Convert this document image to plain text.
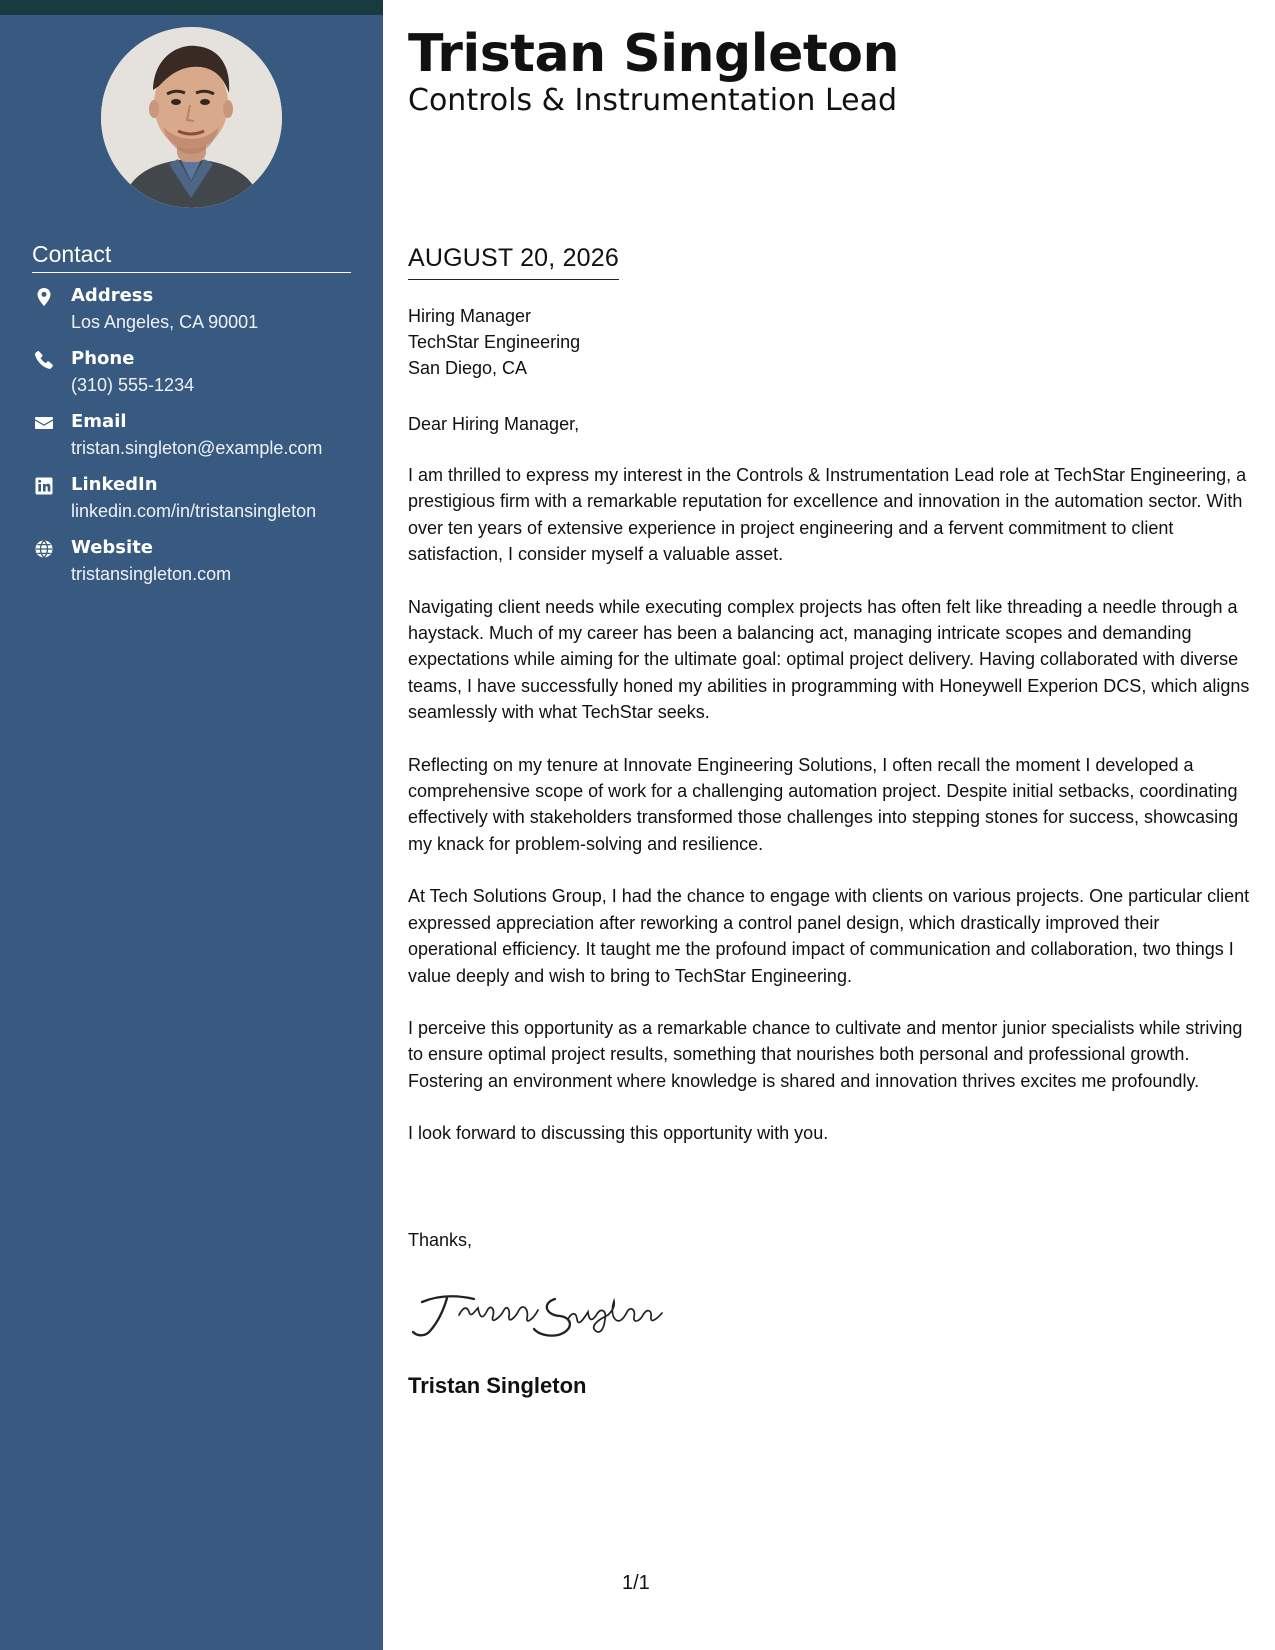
Contact
Address
Los Angeles, CA 90001
Phone
(310) 555-1234
Email
tristan.singleton@example.com
LinkedIn
linkedin.com/in/tristansingleton
Website
tristansingleton.com
Tristan Singleton
Controls & Instrumentation Lead
AUGUST 20, 2026
Hiring Manager
TechStar Engineering
San Diego, CA
Dear Hiring Manager,

I am thrilled to express my interest in the Controls & Instrumentation Lead role at TechStar Engineering, a prestigious firm with a remarkable reputation for excellence and innovation in the automation sector. With over ten years of extensive experience in project engineering and a fervent commitment to client satisfaction, I consider myself a valuable asset.

Navigating client needs while executing complex projects has often felt like threading a needle through a haystack. Much of my career has been a balancing act, managing intricate scopes and demanding expectations while aiming for the ultimate goal: optimal project delivery. Having collaborated with diverse teams, I have successfully honed my abilities in programming with Honeywell Experion DCS, which aligns seamlessly with what TechStar seeks.

Reflecting on my tenure at Innovate Engineering Solutions, I often recall the moment I developed a comprehensive scope of work for a challenging automation project. Despite initial setbacks, coordinating effectively with stakeholders transformed those challenges into stepping stones for success, showcasing my knack for problem-solving and resilience.

At Tech Solutions Group, I had the chance to engage with clients on various projects. One particular client expressed appreciation after reworking a control panel design, which drastically improved their operational efficiency. It taught me the profound impact of communication and collaboration, two things I value deeply and wish to bring to TechStar Engineering.

I perceive this opportunity as a remarkable chance to cultivate and mentor junior specialists while striving to ensure optimal project results, something that nourishes both personal and professional growth. Fostering an environment where knowledge is shared and innovation thrives excites me profoundly.

I look forward to discussing this opportunity with you.

Thanks,
Tristan Singleton
1/1
